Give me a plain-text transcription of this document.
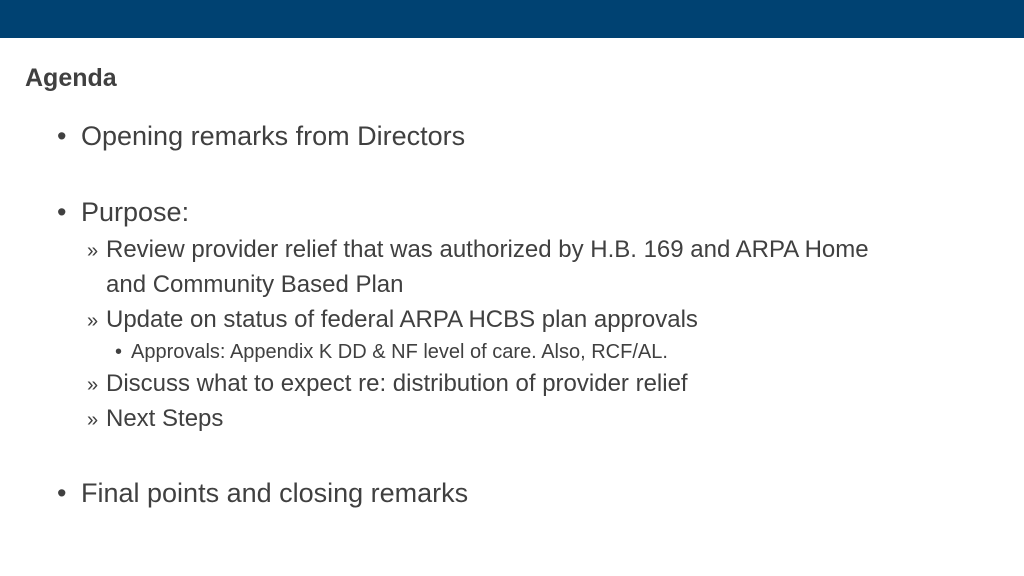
Agenda
• Opening remarks from Directors
• Purpose:
» Review provider relief that was authorized by H.B. 169 and ARPA Home
and Community Based Plan
» Update on status of federal ARPA HCBS plan approvals
• Approvals: Appendix K DD & NF level of care. Also, RCF/AL.
» Discuss what to expect re: distribution of provider relief
» Next Steps
• Final points and closing remarks
